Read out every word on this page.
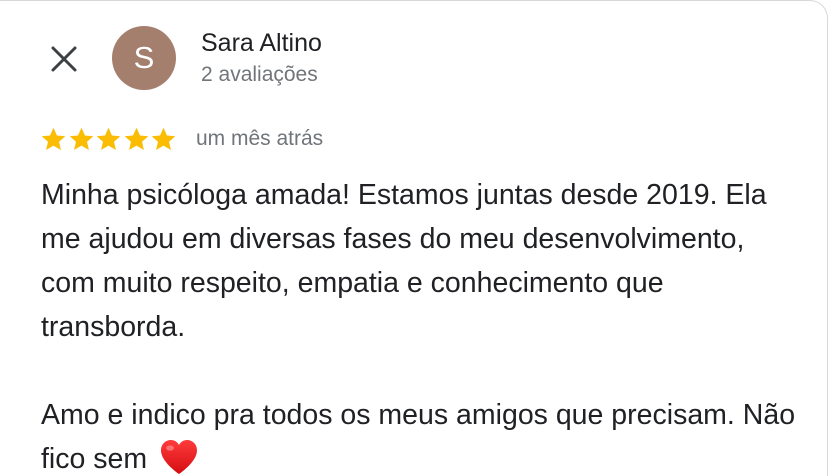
S	Sara Altino
2 avaliações
um mês atrás

Minha psicóloga amada! Estamos juntas desde 2019. Ela me ajudou em diversas fases do meu desenvolvimento, com muito respeito, empatia e conhecimento que transborda.

Amo e indico pra todos os meus amigos que precisam. Não fico sem
